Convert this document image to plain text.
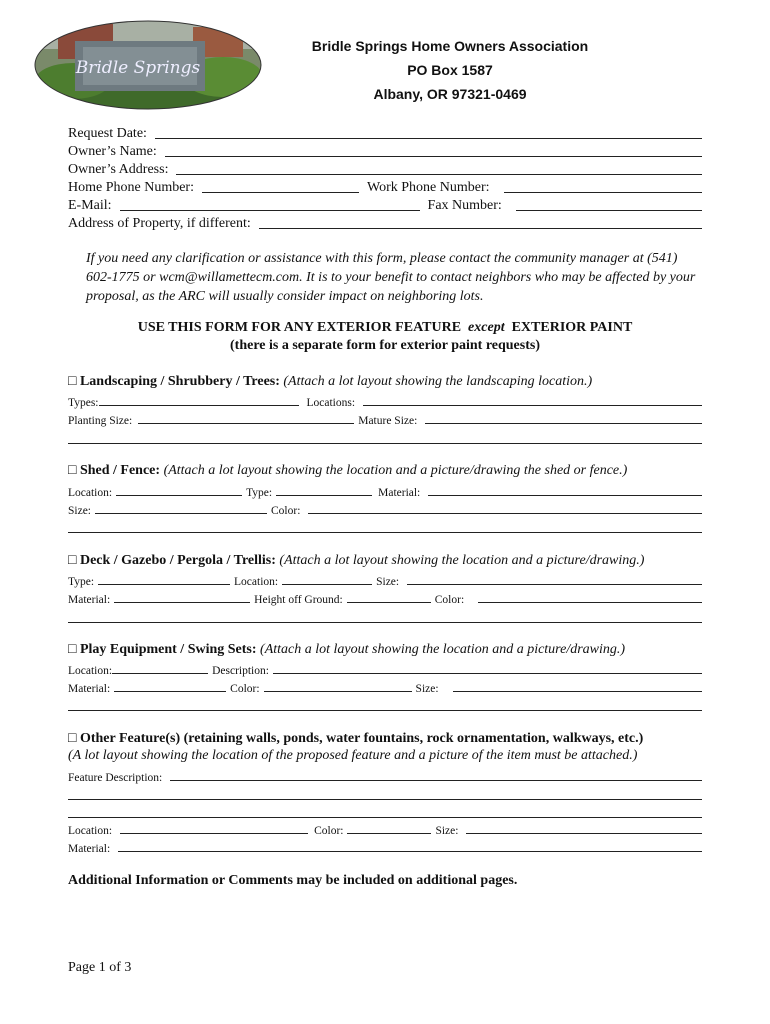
Bridle Springs
Bridle Springs Home Owners Association
PO Box 1587
Albany, OR 97321-0469
Request Date:
Owner’s Name:
Owner’s Address:
Home Phone Number:	Work Phone Number:
E-Mail:	Fax Number:
Address of Property, if different:
If you need any clarification or assistance with this form, please contact the community manager at (541) 602-1775 or wcm@willamettecm.com. It is to your benefit to contact neighbors who may be affected by your proposal, as the ARC will usually consider impact on neighboring lots.
USE THIS FORM FOR ANY EXTERIOR FEATURE except EXTERIOR PAINT
(there is a separate form for exterior paint requests)
□ Landscaping / Shrubbery / Trees: (Attach a lot layout showing the landscaping location.)
Types:	Locations:
Planting Size:	Mature Size:
□ Shed / Fence: (Attach a lot layout showing the location and a picture/drawing the shed or fence.)
Location:	Type:	Material:
Size:	Color:
□ Deck / Gazebo / Pergola / Trellis: (Attach a lot layout showing the location and a picture/drawing.)
Type:	Location:	Size:
Material:	Height off Ground:	Color:
□ Play Equipment / Swing Sets: (Attach a lot layout showing the location and a picture/drawing.)
Location:	Description:
Material:	Color:	Size:
□ Other Feature(s) (retaining walls, ponds, water fountains, rock ornamentation, walkways, etc.)
(A lot layout showing the location of the proposed feature and a picture of the item must be attached.)
Feature Description:
Location:	Color:	Size:
Material:
Additional Information or Comments may be included on additional pages.
Page 1 of 3
